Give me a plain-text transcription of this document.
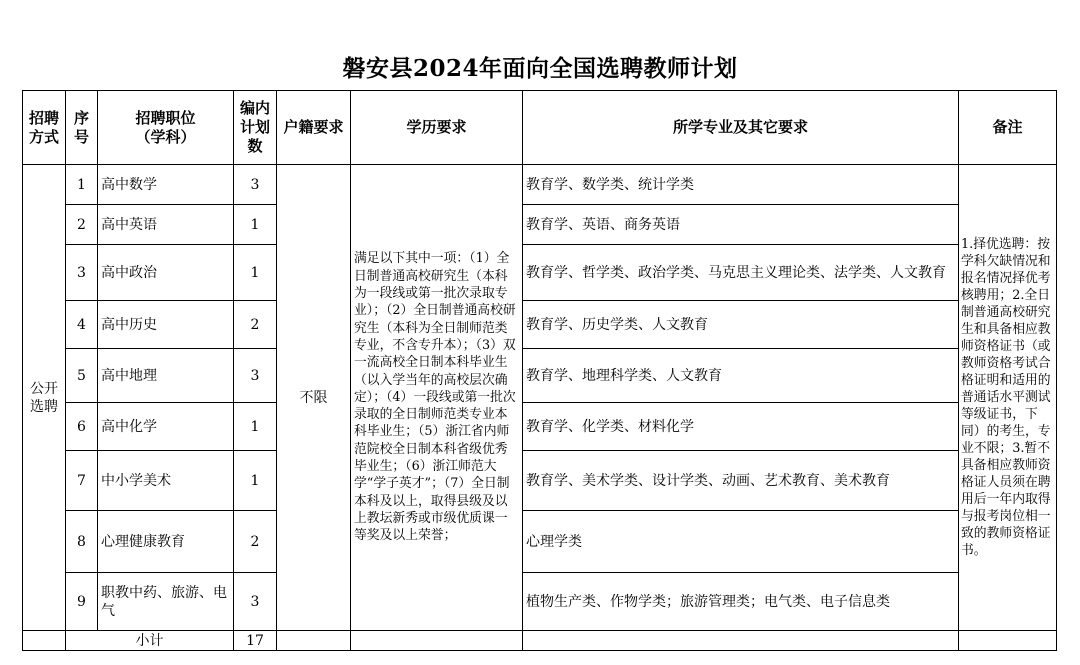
磐安县2024年面向全国选聘教师计划
招聘方式	序号	招聘职位（学科）	编内计划数	户籍要求	学历要求	所学专业及其它要求	备注
公开选聘	1	高中数学	3	不限	满足以下其中一项：（1）全日制普通高校研究生（本科为一段线或第一批次录取专业）；（2）全日制普通高校研究生（本科为全日制师范类专业，不含专升本）；（3）双一流高校全日制本科毕业生（以入学当年的高校层次确定）；（4）一段线或第一批次录取的全日制师范类专业本科毕业生；（5）浙江省内师范院校全日制本科省级优秀毕业生；（6）浙江师范大学“学子英才”；（7）全日制本科及以上，取得县级及以上教坛新秀或市级优质课一等奖及以上荣誉；	教育学、数学类、统计学类	1.择优选聘：按学科欠缺情况和报名情况择优考核聘用；2.全日制普通高校研究生和具备相应教师资格证书（或教师资格考试合格证明和适用的普通话水平测试等级证书，下同）的考生，专业不限；3.暂不具备相应教师资格证人员须在聘用后一年内取得与报考岗位相一致的教师资格证书。
	2	高中英语	1			教育学、英语、商务英语	
	3	高中政治	1			教育学、哲学类、政治学类、马克思主义理论类、法学类、人文教育	
	4	高中历史	2			教育学、历史学类、人文教育	
	5	高中地理	3			教育学、地理科学类、人文教育	
	6	高中化学	1			教育学、化学类、材料化学	
	7	中小学美术	1			教育学、美术学类、设计学类、动画、艺术教育、美术教育	
	8	心理健康教育	2			心理学类	
	9	职教中药、旅游、电气	3			植物生产类、作物学类；旅游管理类；电气类、电子信息类	
	小计		17				
